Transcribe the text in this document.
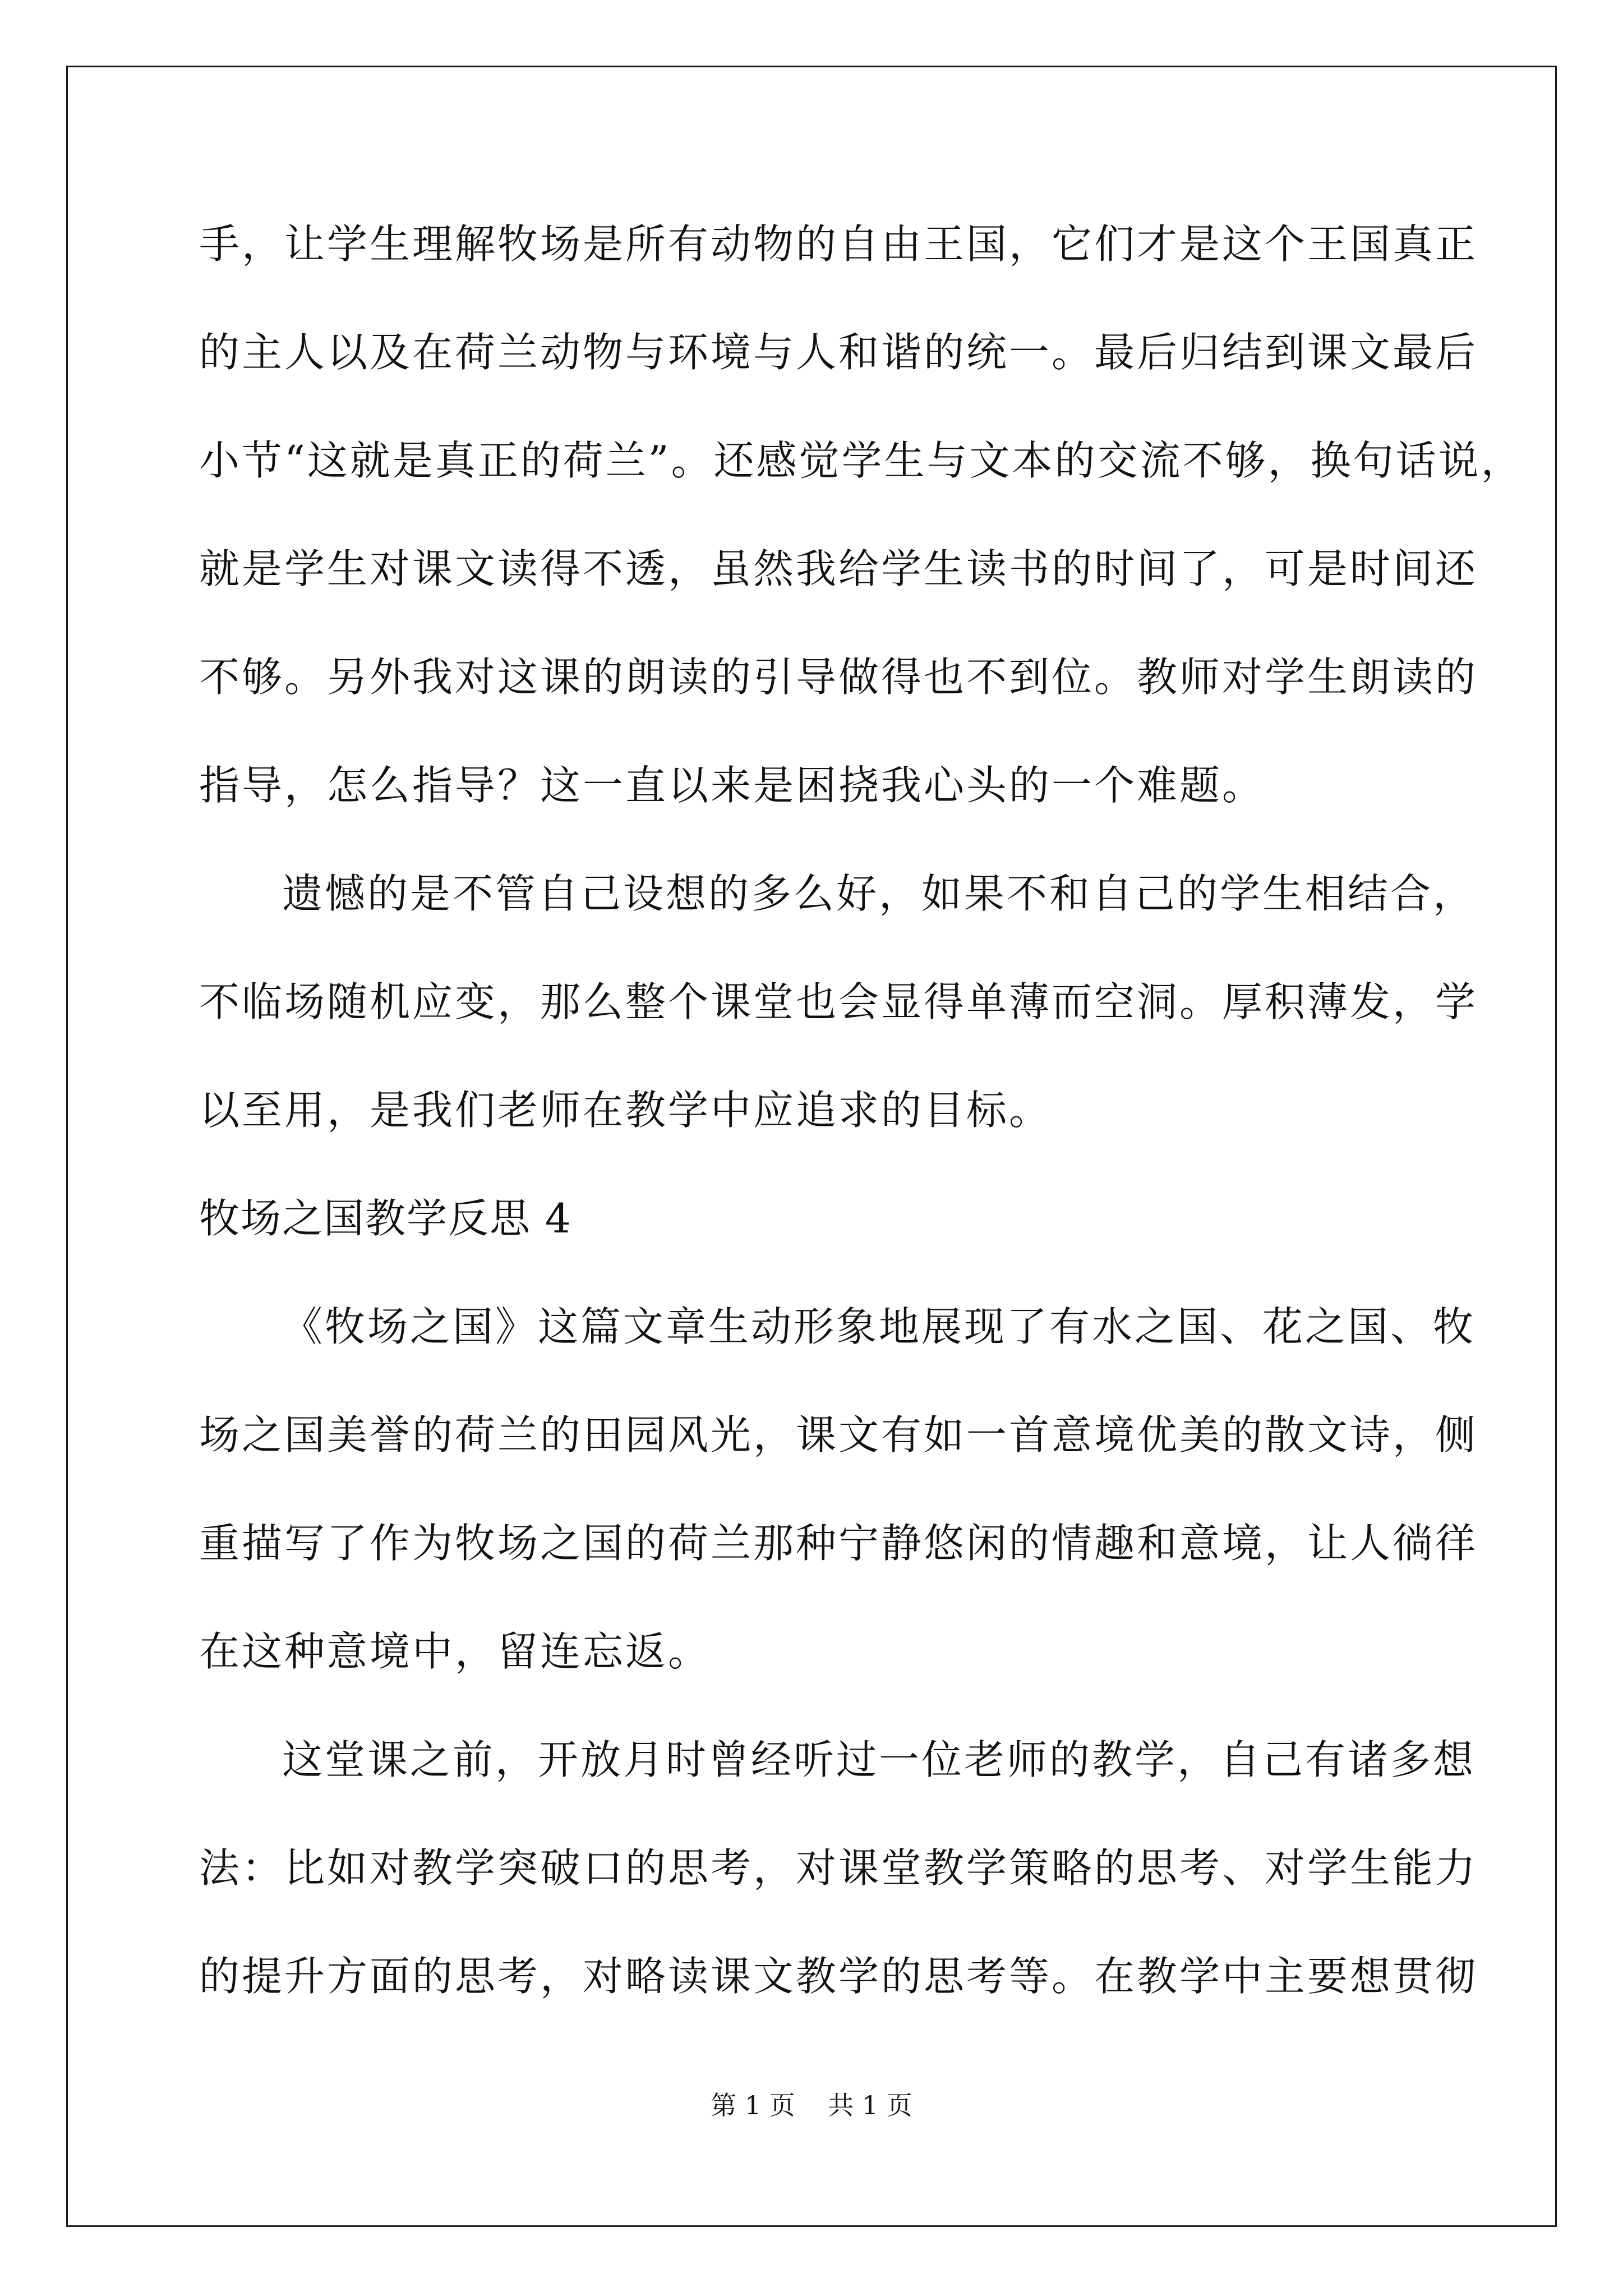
手，让学生理解牧场是所有动物的自由王国，它们才是这个王国真正
的主人以及在荷兰动物与环境与人和谐的统一。最后归结到课文最后
小节“这就是真正的荷兰”。还感觉学生与文本的交流不够，换句话说，
就是学生对课文读得不透，虽然我给学生读书的时间了，可是时间还
不够。另外我对这课的朗读的引导做得也不到位。教师对学生朗读的
指导，怎么指导？这一直以来是困挠我心头的一个难题。
遗憾的是不管自己设想的多么好，如果不和自己的学生相结合，
不临场随机应变，那么整个课堂也会显得单薄而空洞。厚积薄发，学
以至用，是我们老师在教学中应追求的目标。
牧场之国教学反思 4
《牧场之国》这篇文章生动形象地展现了有水之国、花之国、牧
场之国美誉的荷兰的田园风光，课文有如一首意境优美的散文诗，侧
重描写了作为牧场之国的荷兰那种宁静悠闲的情趣和意境，让人徜徉
在这种意境中，留连忘返。
这堂课之前，开放月时曾经听过一位老师的教学，自己有诸多想
法：比如对教学突破口的思考，对课堂教学策略的思考、对学生能力
的提升方面的思考，对略读课文教学的思考等。在教学中主要想贯彻
第 1 页 共 1 页
